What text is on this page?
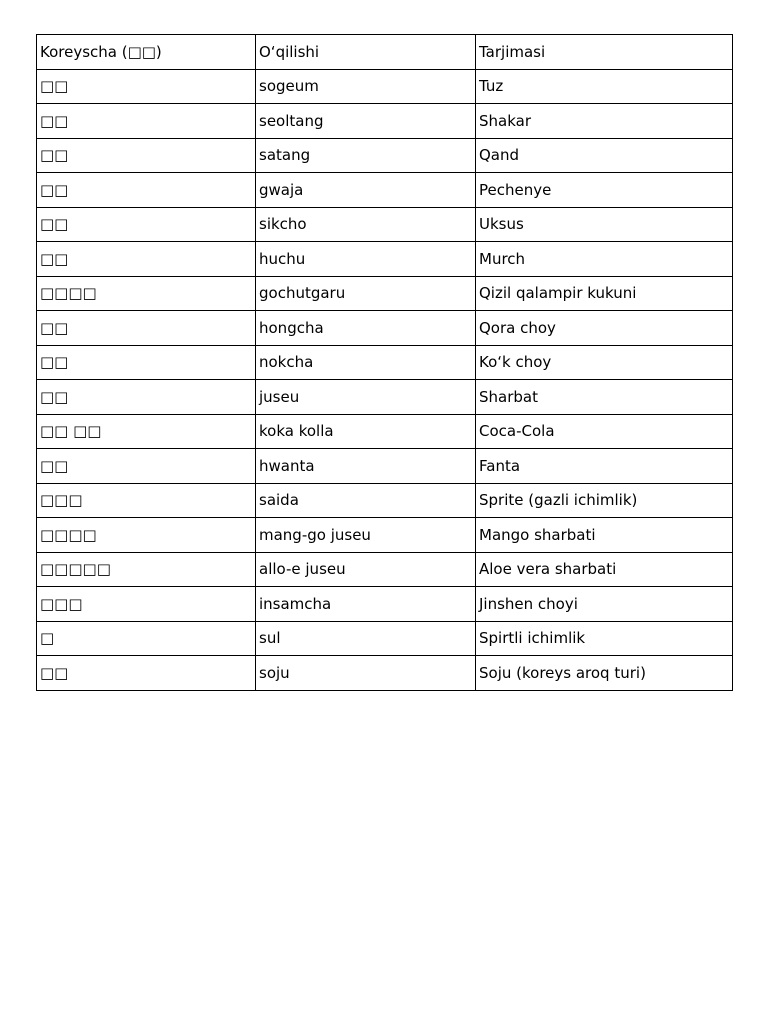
Koreyscha (□□)	O‘qilishi	Tarjimasi
□□	sogeum	Tuz
□□	seoltang	Shakar
□□	satang	Qand
□□	gwaja	Pechenye
□□	sikcho	Uksus
□□	huchu	Murch
□□□□	gochutgaru	Qizil qalampir kukuni
□□	hongcha	Qora choy
□□	nokcha	Ko‘k choy
□□	juseu	Sharbat
□□ □□	koka kolla	Coca-Cola
□□	hwanta	Fanta
□□□	saida	Sprite (gazli ichimlik)
□□□□	mang-go juseu	Mango sharbati
□□□□□	allo-e juseu	Aloe vera sharbati
□□□	insamcha	Jinshen choyi
□	sul	Spirtli ichimlik
□□	soju	Soju (koreys aroq turi)
